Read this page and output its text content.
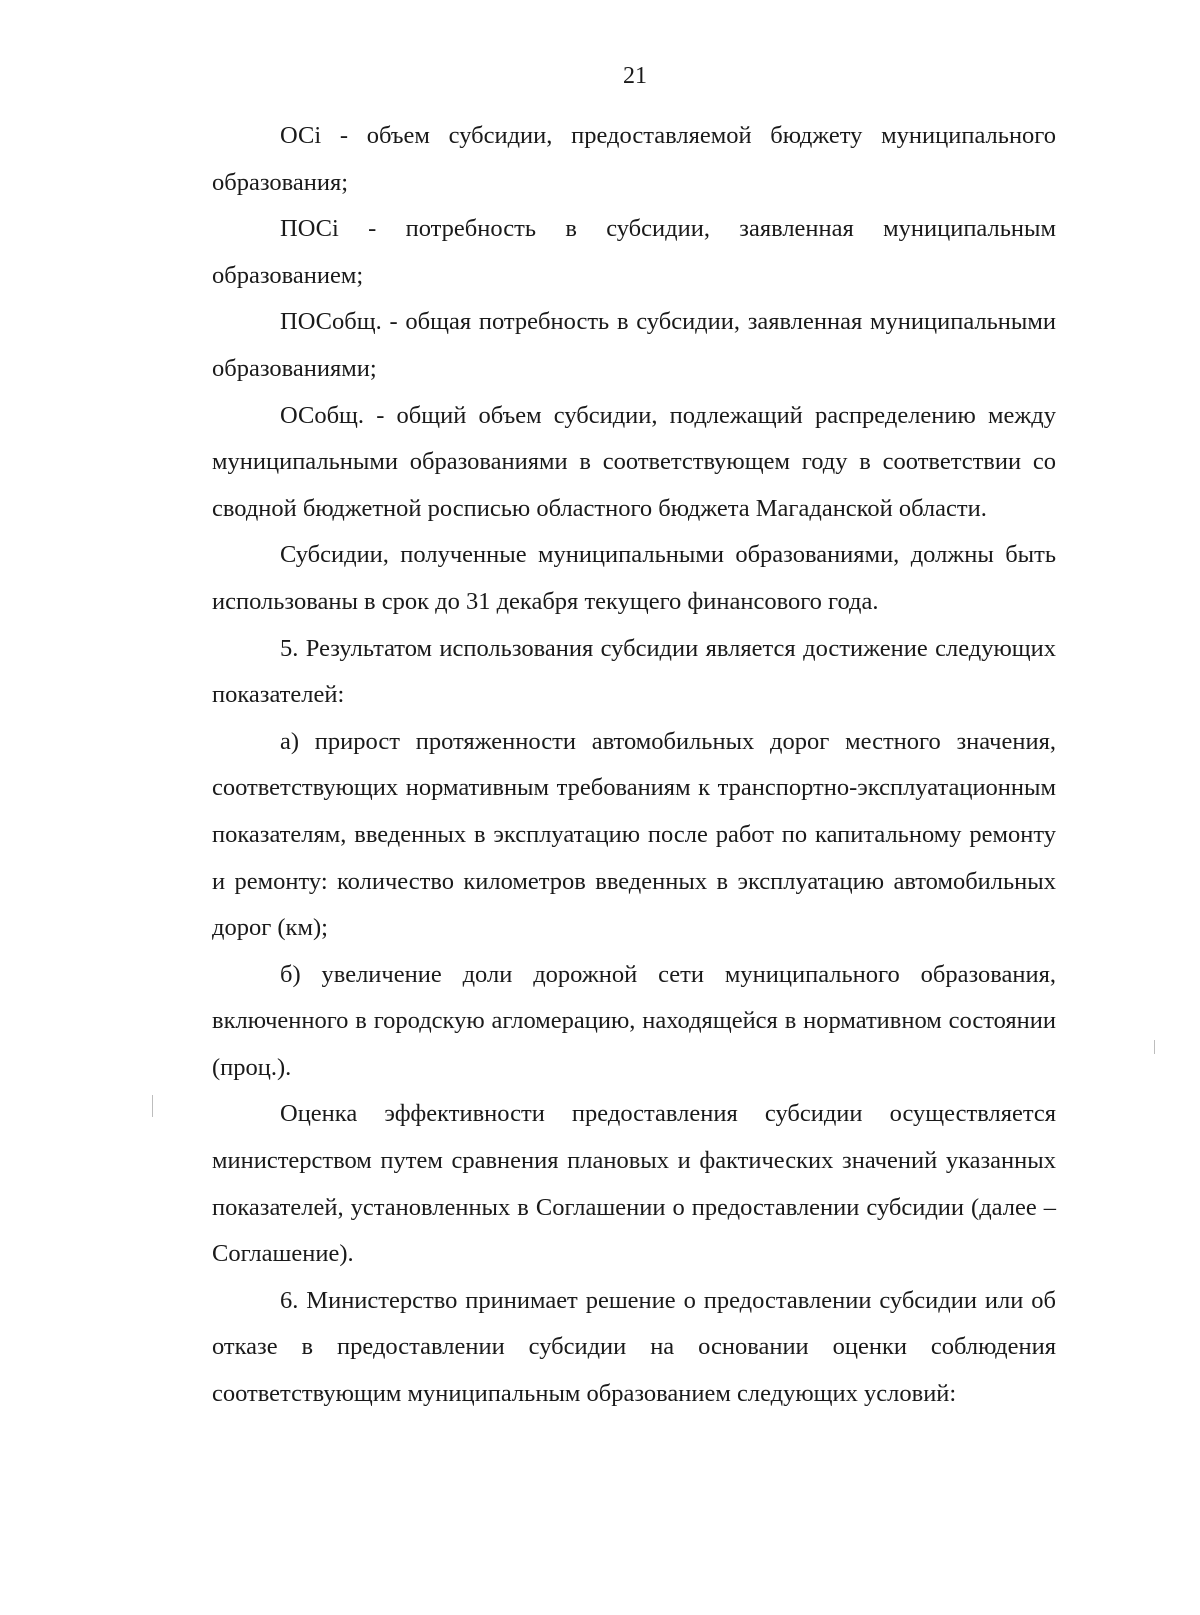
21

ОСi - объем субсидии, предоставляемой бюджету муниципального образования;

ПОСi - потребность в субсидии, заявленная муниципальным образованием;

ПОСобщ. - общая потребность в субсидии, заявленная муниципальными образованиями;

ОСобщ. - общий объем субсидии, подлежащий распределению между муниципальными образованиями в соответствующем году в соответствии со сводной бюджетной росписью областного бюджета Магаданской области.

Субсидии, полученные муниципальными образованиями, должны быть использованы в срок до 31 декабря текущего финансового года.

5. Результатом использования субсидии является достижение следующих показателей:

а) прирост протяженности автомобильных дорог местного значения, соответствующих нормативным требованиям к транспортно-эксплуатационным показателям, введенных в эксплуатацию после работ по капитальному ремонту и ремонту: количество километров введенных в эксплуатацию автомобильных дорог (км);

б) увеличение доли дорожной сети муниципального образования, включенного в городскую агломерацию, находящейся в нормативном состоянии (проц.).

Оценка эффективности предоставления субсидии осуществляется министерством путем сравнения плановых и фактических значений указанных показателей, установленных в Соглашении о предоставлении субсидии (далее – Соглашение).

6. Министерство принимает решение о предоставлении субсидии или об отказе в предоставлении субсидии на основании оценки соблюдения соответствующим муниципальным образованием следующих условий:
